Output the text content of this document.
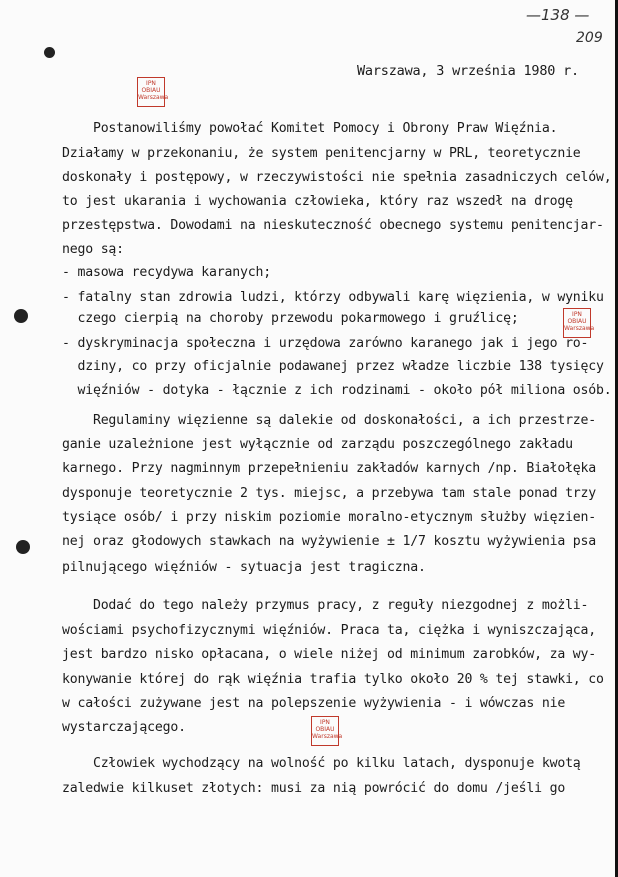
—138 —
209
IPN
OBIAU
Warszawa
IPN
OBIAU
Warszawa
IPN
OBIAU
Warszawa
Warszawa, 3 września 1980 r.
Postanowiliśmy powołać Komitet Pomocy i Obrony Praw Więźnia.
Działamy w przekonaniu, że system penitencjarny w PRL, teoretycznie
doskonały i postępowy, w rzeczywistości nie spełnia zasadniczych celów,
to jest ukarania i wychowania człowieka, który raz wszedł na drogę
przestępstwa. Dowodami na nieskuteczność obecnego systemu penitencjar-
nego są:
- masowa recydywa karanych;
- fatalny stan zdrowia ludzi, którzy odbywali karę więzienia, w wyniku
czego cierpią na choroby przewodu pokarmowego i gruźlicę;
- dyskryminacja społeczna i urzędowa zarówno karanego jak i jego ro-
dziny, co przy oficjalnie podawanej przez władze liczbie 138 tysięcy
więźniów - dotyka - łącznie z ich rodzinami - około pół miliona osób.
Regulaminy więzienne są dalekie od doskonałości, a ich przestrze-
ganie uzależnione jest wyłącznie od zarządu poszczególnego zakładu
karnego. Przy nagminnym przepełnieniu zakładów karnych /np. Białołęka
dysponuje teoretycznie 2 tys. miejsc, a przebywa tam stale ponad trzy
tysiące osób/ i przy niskim poziomie moralno-etycznym służby więzien-
nej oraz głodowych stawkach na wyżywienie ± 1/7 kosztu wyżywienia psa
pilnującego więźniów - sytuacja jest tragiczna.
Dodać do tego należy przymus pracy, z reguły niezgodnej z możli-
wościami psychofizycznymi więźniów. Praca ta, ciężka i wyniszczająca,
jest bardzo nisko opłacana, o wiele niżej od minimum zarobków, za wy-
konywanie której do rąk więźnia trafia tylko około 20 % tej stawki, co
w całości zużywane jest na polepszenie wyżywienia - i wówczas nie
wystarczającego.
Człowiek wychodzący na wolność po kilku latach, dysponuje kwotą
zaledwie kilkuset złotych: musi za nią powrócić do domu /jeśli go
